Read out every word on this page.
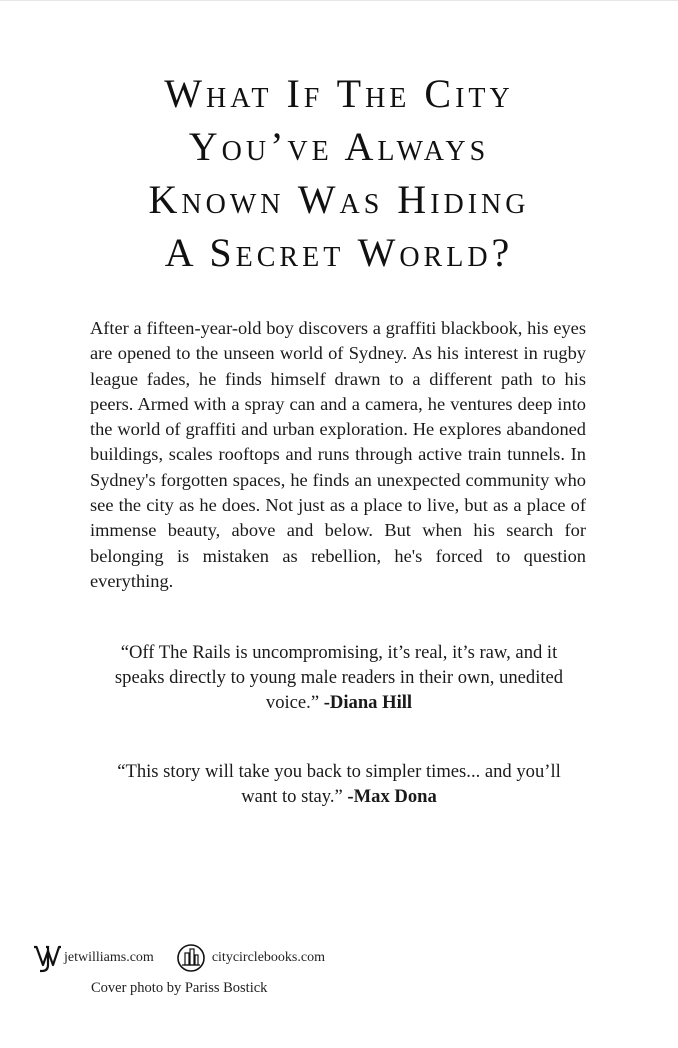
What If The City
You’ve Always
Known Was Hiding
A Secret World?

After a fifteen-year-old boy discovers a graffiti blackbook, his eyes are opened to the unseen world of Sydney. As his interest in rugby league fades, he finds himself drawn to a different path to his peers. Armed with a spray can and a camera, he ventures deep into the world of graffiti and urban exploration. He explores abandoned buildings, scales rooftops and runs through active train tunnels. In Sydney's forgotten spaces, he finds an unexpected community who see the city as he does. Not just as a place to live, but as a place of immense beauty, above and below. But when his search for belonging is mistaken as rebellion, he's forced to question everything.

“Off The Rails is uncompromising, it’s real, it’s raw, and it speaks directly to young male readers in their own, unedited voice.” -Diana Hill

“This story will take you back to simpler times... and you’ll want to stay.” -Max Dona

jetwilliams.com	citycirclebooks.com

Cover photo by Pariss Bostick
